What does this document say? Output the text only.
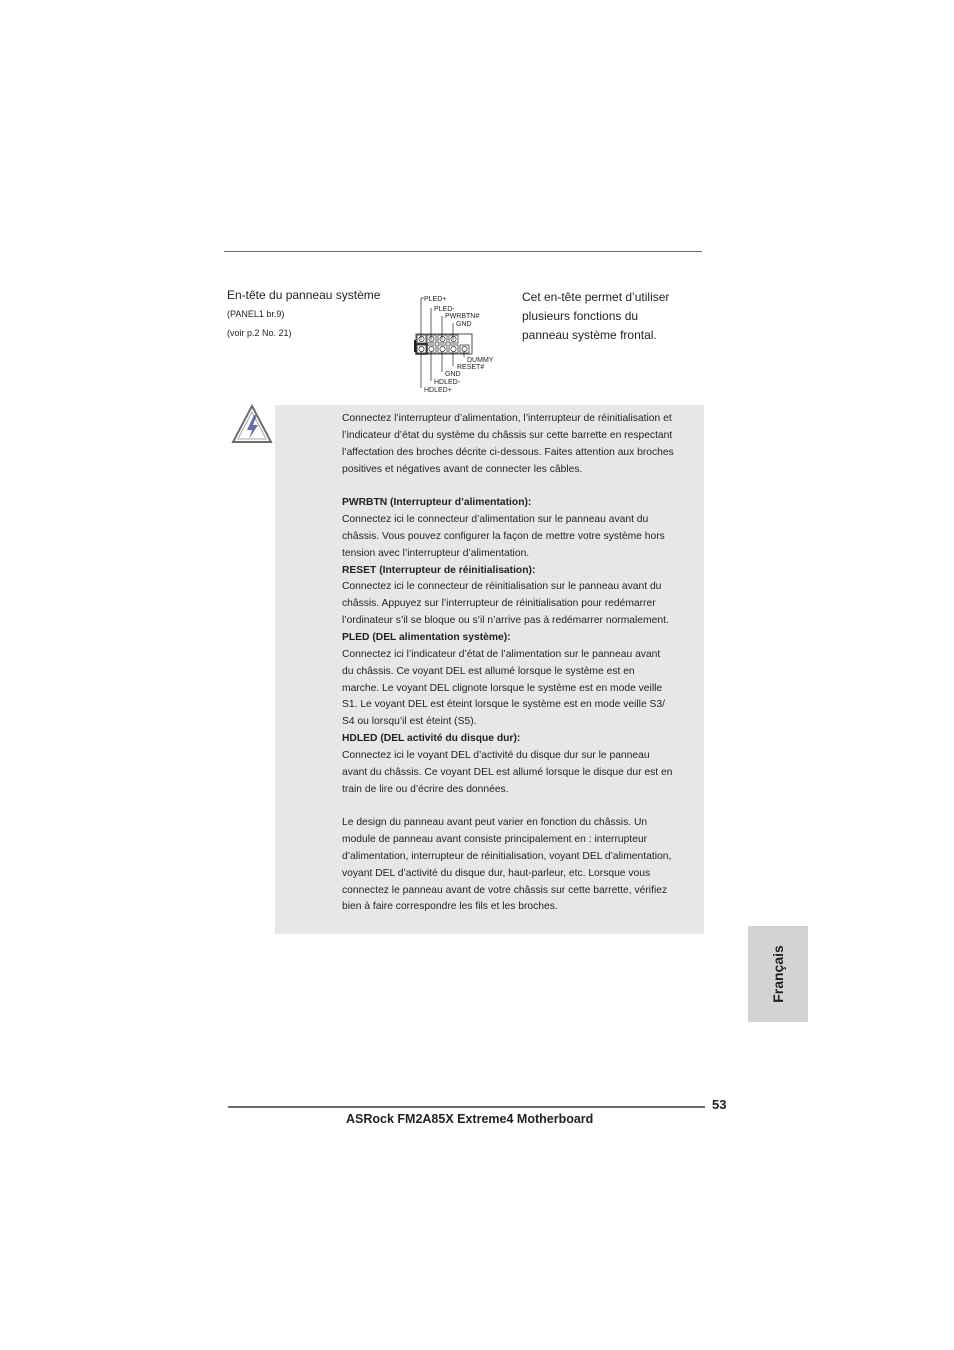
En-tête du panneau système
(PANEL1 br.9)
(voir p.2 No. 21)
PLED+
PLED-
PWRBTN#
GND
DUMMY
RESET#
GND
HDLED-
HDLED+
Cet en-tête permet d’utiliser
plusieurs fonctions du
panneau système frontal.

Connectez l’interrupteur d’alimentation, l’interrupteur de réinitialisation et
l’indicateur d’état du système du châssis sur cette barrette en respectant
l’affectation des broches décrite ci-dessous. Faites attention aux broches
positives et négatives avant de connecter les câbles.

PWRBTN (Interrupteur d’alimentation):
Connectez ici le connecteur d’alimentation sur le panneau avant du
châssis. Vous pouvez configurer la façon de mettre votre système hors
tension avec l’interrupteur d’alimentation.

RESET (Interrupteur de réinitialisation):
Connectez ici le connecteur de réinitialisation sur le panneau avant du
châssis. Appuyez sur l’interrupteur de réinitialisation pour redémarrer
l’ordinateur s’il se bloque ou s’il n’arrive pas à redémarrer normalement.

PLED (DEL alimentation système):
Connectez ici l’indicateur d’état de l’alimentation sur le panneau avant
du châssis. Ce voyant DEL est allumé lorsque le système est en
marche. Le voyant DEL clignote lorsque le système est en mode veille
S1. Le voyant DEL est éteint lorsque le système est en mode veille S3/
S4 ou lorsqu’il est éteint (S5).

HDLED (DEL activité du disque dur):
Connectez ici le voyant DEL d’activité du disque dur sur le panneau
avant du châssis. Ce voyant DEL est allumé lorsque le disque dur est en
train de lire ou d’écrire des données.

Le design du panneau avant peut varier en fonction du châssis. Un
module de panneau avant consiste principalement en : interrupteur
d’alimentation, interrupteur de réinitialisation, voyant DEL d’alimentation,
voyant DEL d’activité du disque dur, haut-parleur, etc. Lorsque vous
connectez le panneau avant de votre châssis sur cette barrette, vérifiez
bien à faire correspondre les fils et les broches.

Français
53
ASRock FM2A85X Extreme4 Motherboard
